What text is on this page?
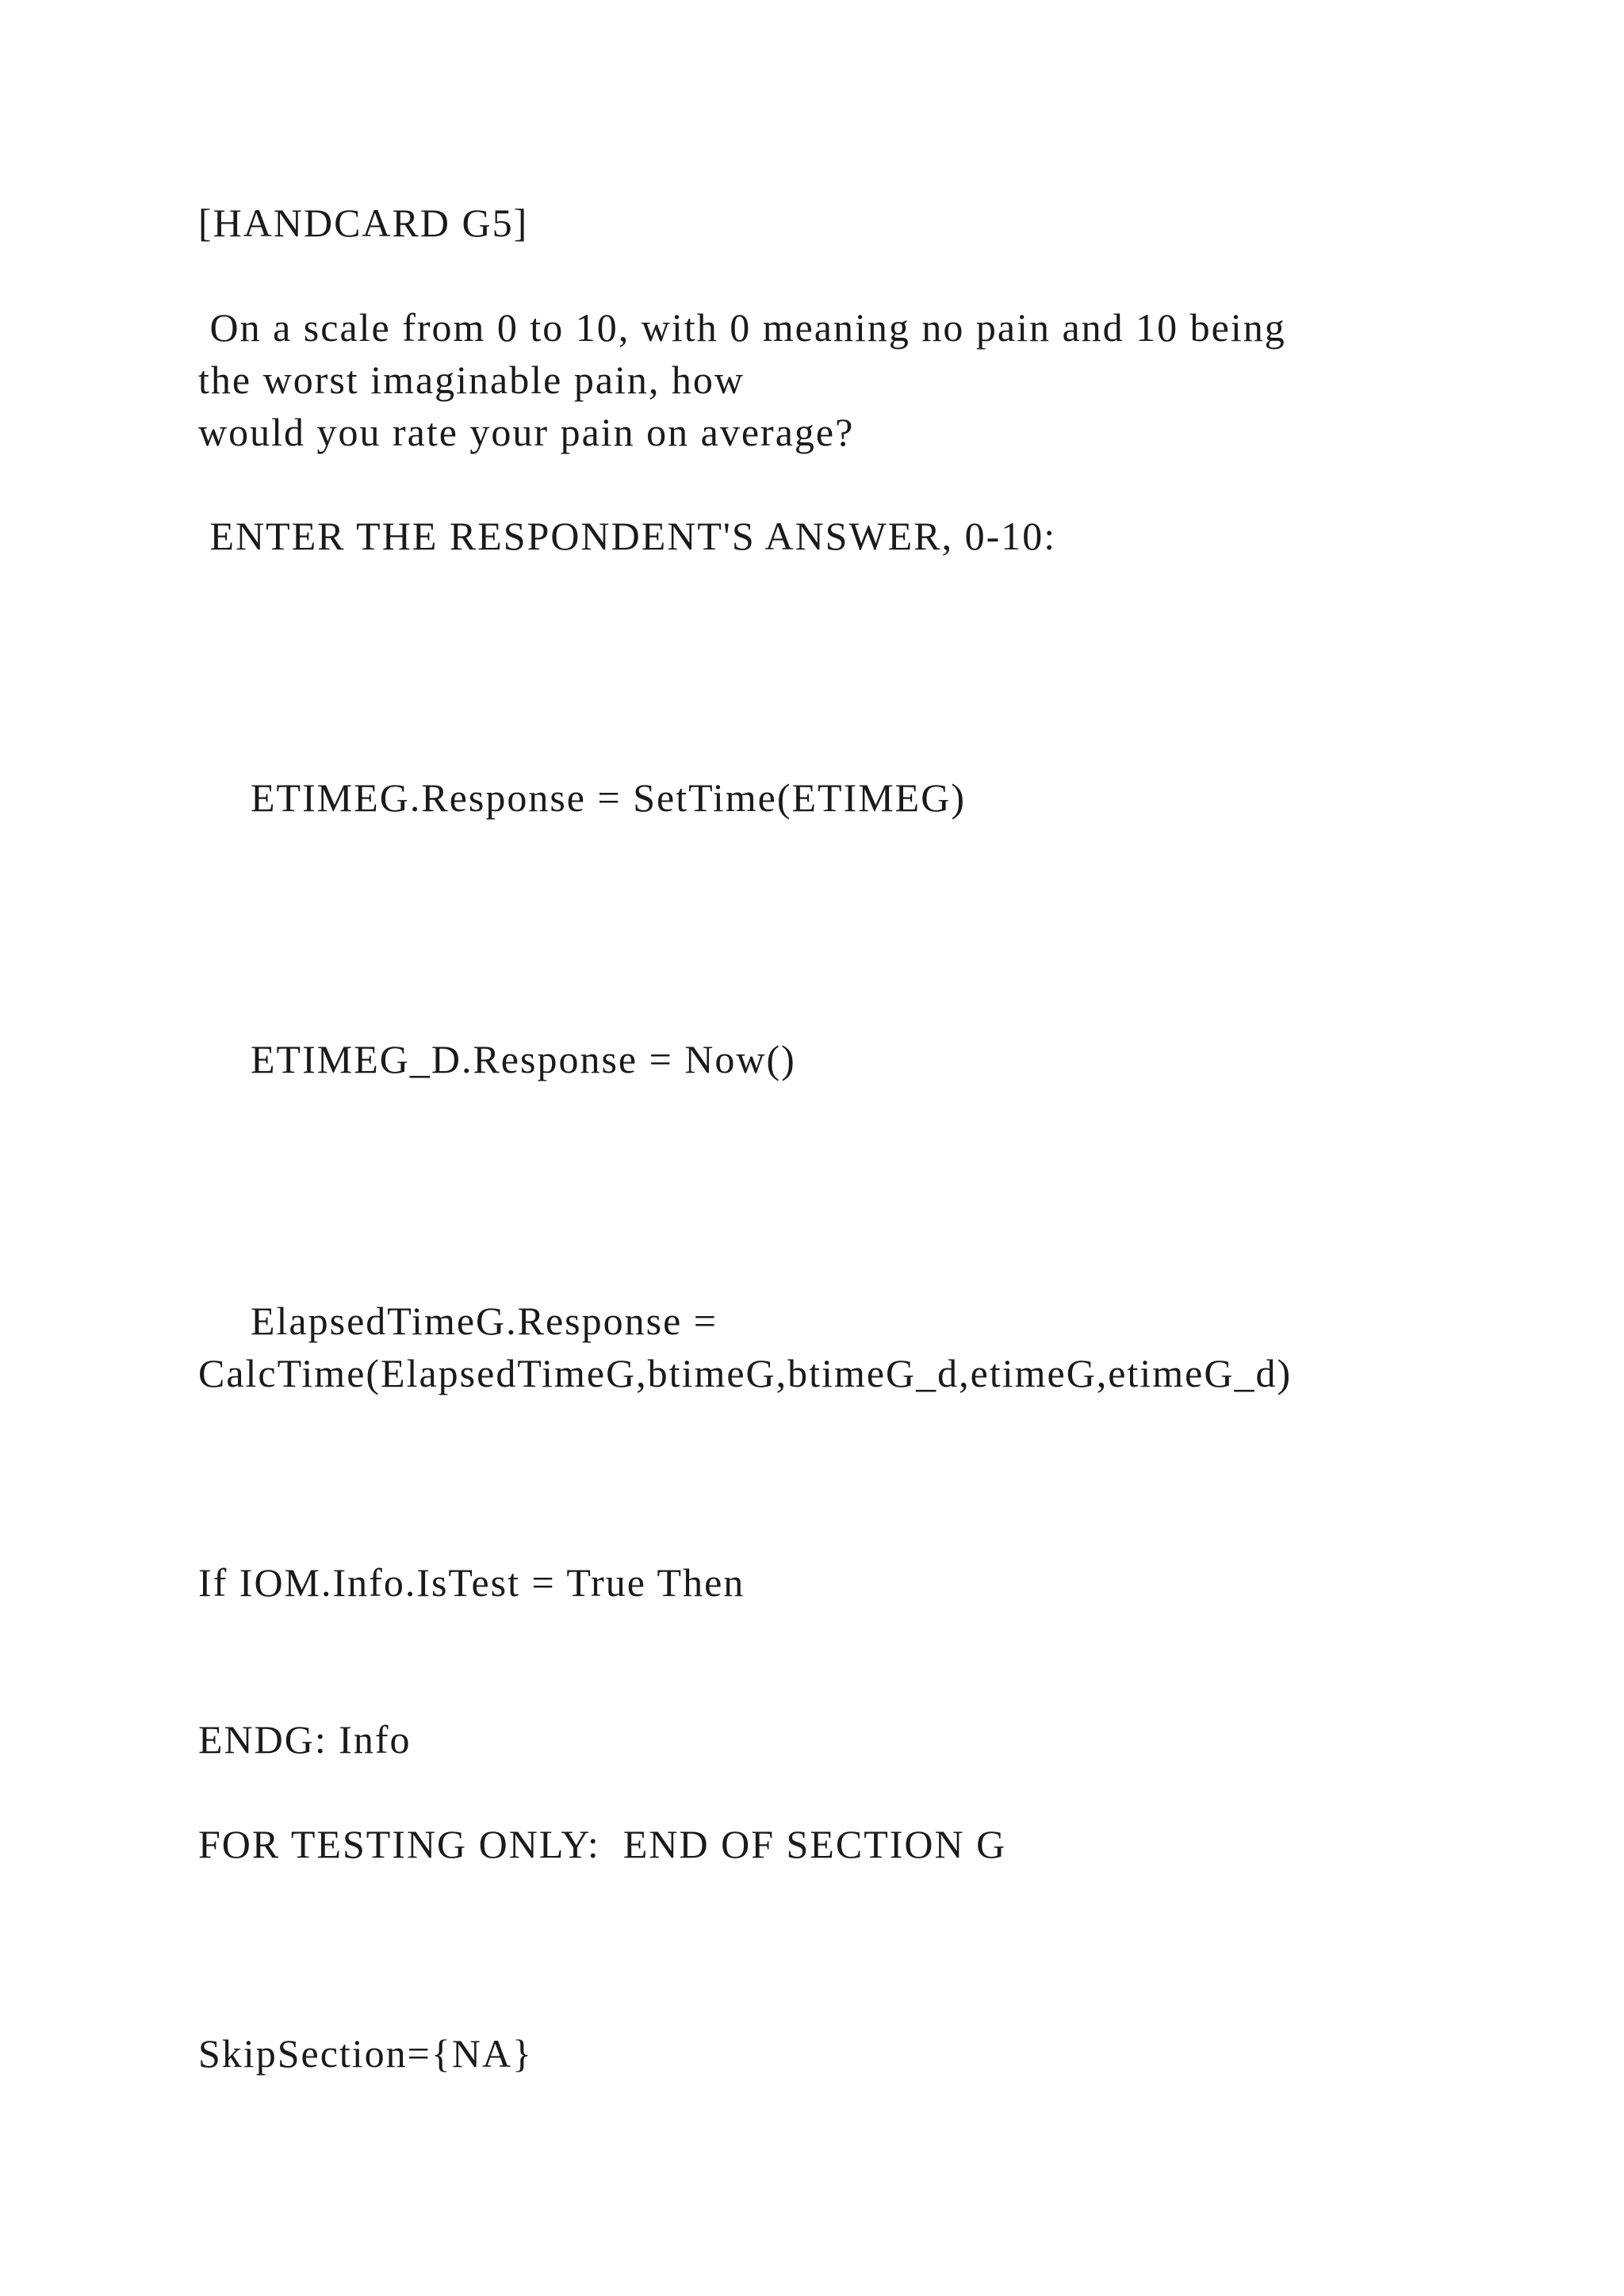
[HANDCARD G5]

On a scale from 0 to 10, with 0 meaning no pain and 10 being

the worst imaginable pain, how

would you rate your pain on average?

ENTER THE RESPONDENT'S ANSWER, 0-10:

ETIMEG.Response = SetTime(ETIMEG)

ETIMEG_D.Response = Now()

ElapsedTimeG.Response =

CalcTime(ElapsedTimeG,btimeG,btimeG_d,etimeG,etimeG_d)

If IOM.Info.IsTest = True Then

ENDG: Info

FOR TESTING ONLY:  END OF SECTION G

SkipSection={NA}
